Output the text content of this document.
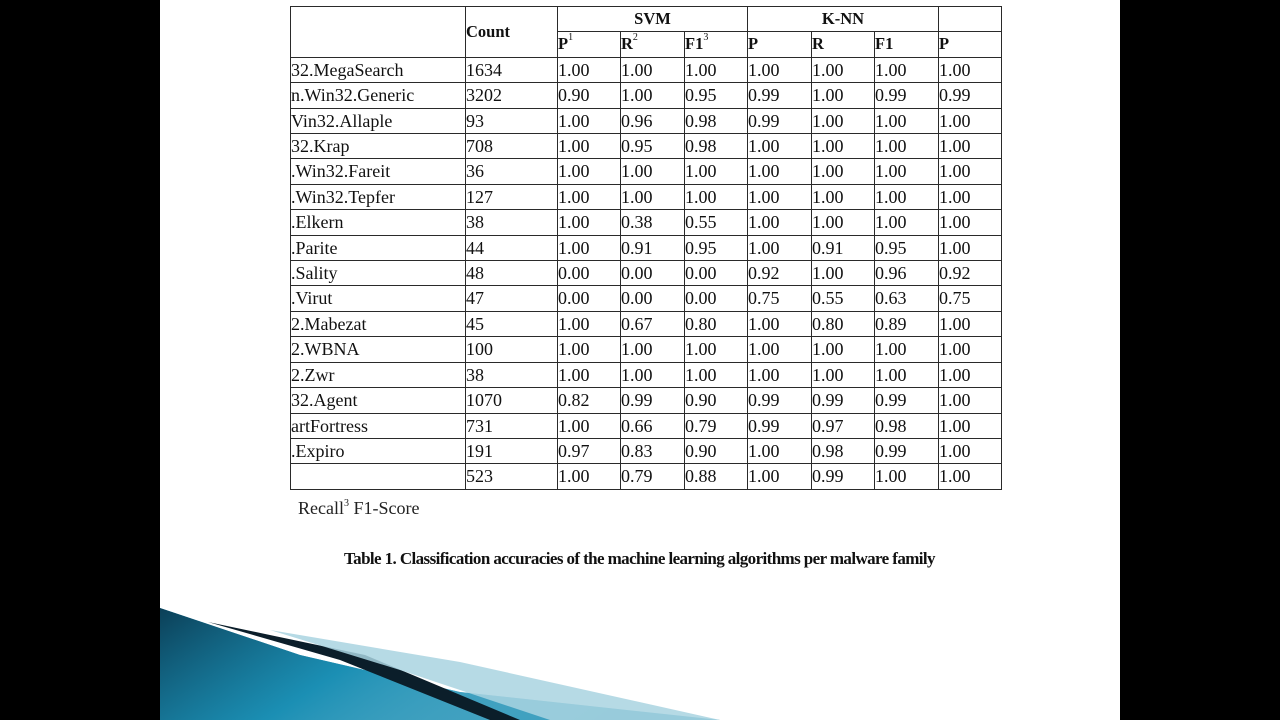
	Count	SVM			K-NN			
		$P^1$	$R^2$	$F1^3$	P	R	F1	P
32.MegaSearch	1634	1.00	1.00	1.00	1.00	1.00	1.00	1.00
n.Win32.Generic	3202	0.90	1.00	0.95	0.99	1.00	0.99	0.99
Vin32.Allaple	93	1.00	0.96	0.98	0.99	1.00	1.00	1.00
32.Krap	708	1.00	0.95	0.98	1.00	1.00	1.00	1.00
.Win32.Fareit	36	1.00	1.00	1.00	1.00	1.00	1.00	1.00
.Win32.Tepfer	127	1.00	1.00	1.00	1.00	1.00	1.00	1.00
.Elkern	38	1.00	0.38	0.55	1.00	1.00	1.00	1.00
.Parite	44	1.00	0.91	0.95	1.00	0.91	0.95	1.00
.Sality	48	0.00	0.00	0.00	0.92	1.00	0.96	0.92
.Virut	47	0.00	0.00	0.00	0.75	0.55	0.63	0.75
2.Mabezat	45	1.00	0.67	0.80	1.00	0.80	0.89	1.00
2.WBNA	100	1.00	1.00	1.00	1.00	1.00	1.00	1.00
2.Zwr	38	1.00	1.00	1.00	1.00	1.00	1.00	1.00
32.Agent	1070	0.82	0.99	0.90	0.99	0.99	0.99	1.00
artFortress	731	1.00	0.66	0.79	0.99	0.97	0.98	1.00
.Expiro	191	0.97	0.83	0.90	1.00	0.98	0.99	1.00
	523	1.00	0.79	0.88	1.00	0.99	1.00	1.00
Recall$^3$ F1-Score
Table 1. Classification accuracies of the machine learning algorithms per malware family
